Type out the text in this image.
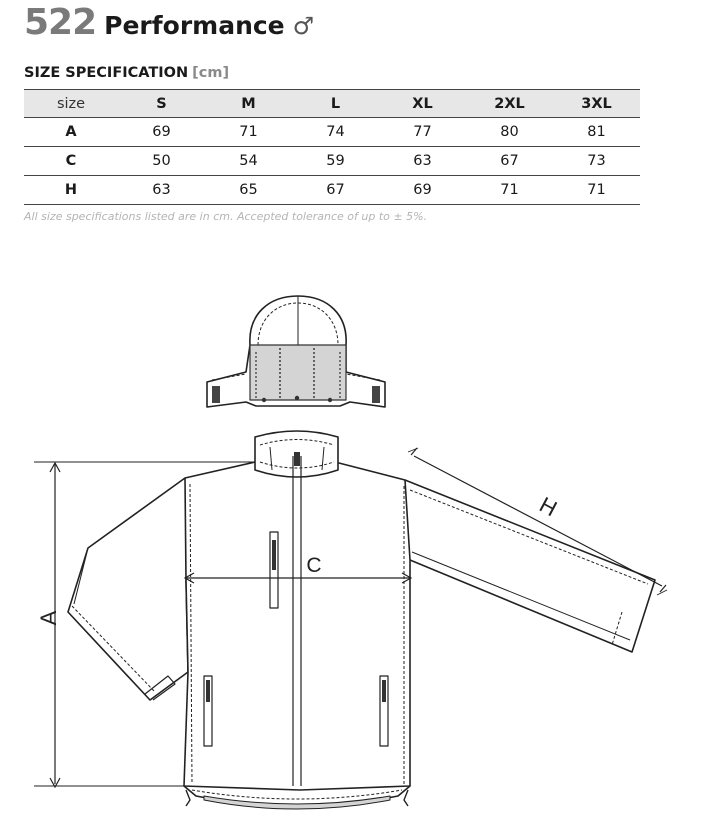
522 Performance ♂
SIZE SPECIFICATION [cm]
size	S	M	L	XL	2XL	3XL
A	69	71	74	77	80	81
C	50	54	59	63	67	73
H	63	65	67	69	71	71
All size specifications listed are in cm. Accepted tolerance of up to ± 5%.
A
C
H
